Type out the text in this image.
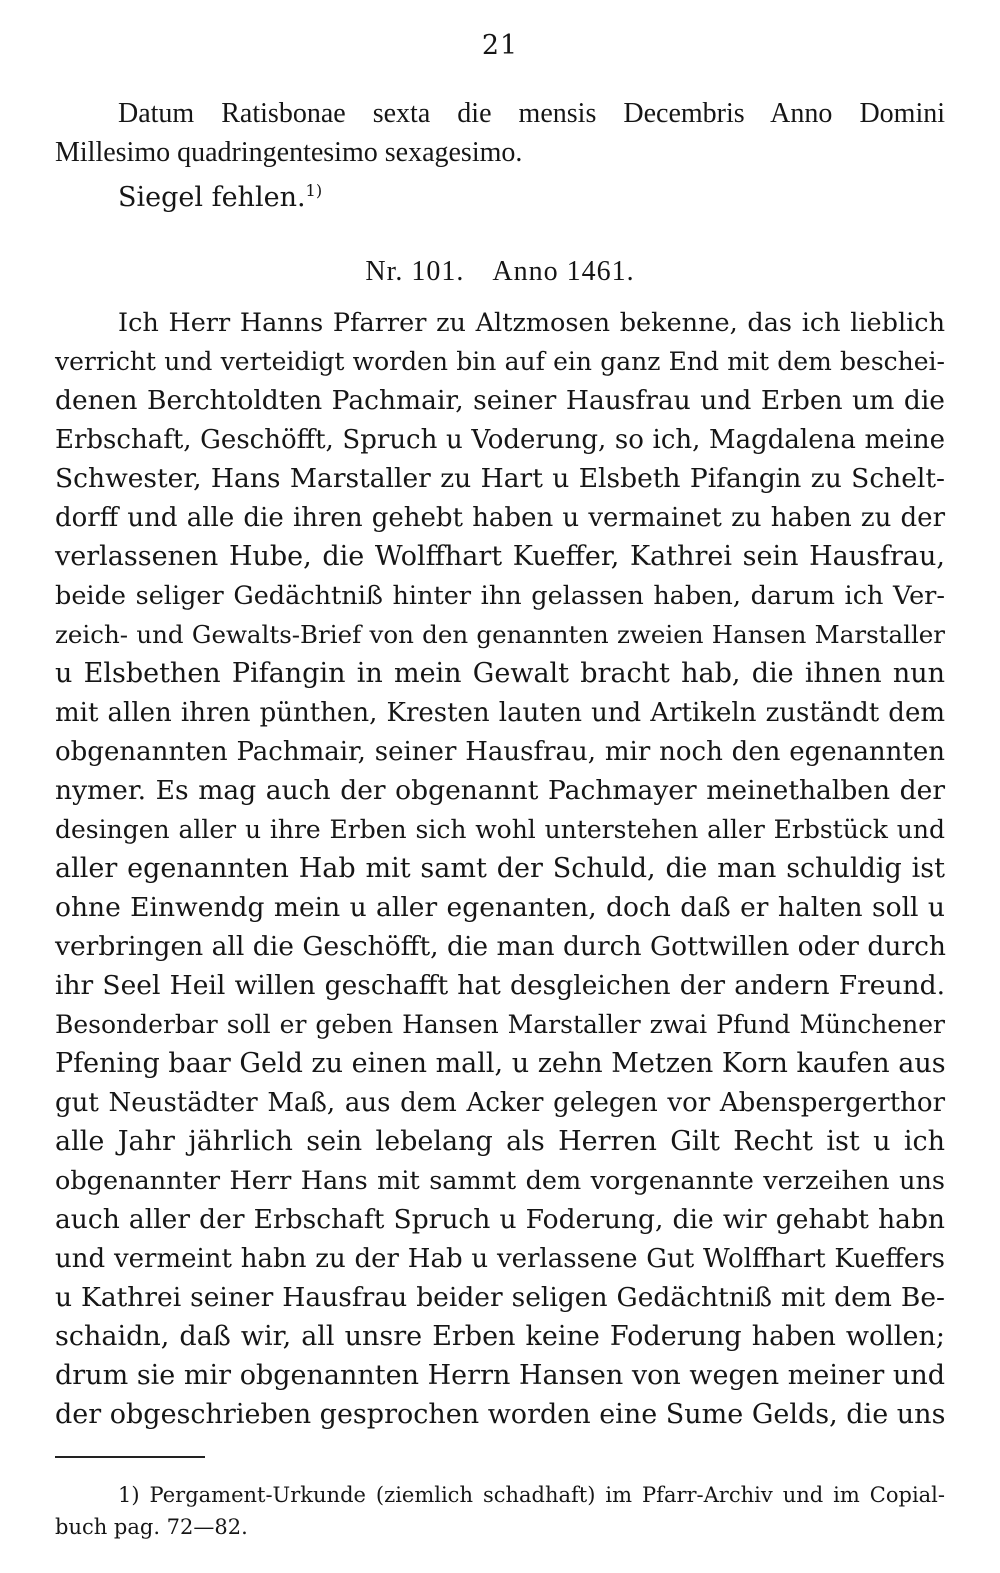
21
Datum Ratisbonae sexta die mensis Decembris Anno Domini
Millesimo quadringentesimo sexagesimo.
Siegel fehlen.$^{1)}$
Nr. 101. Anno 1461.
Ich Herr Hanns Pfarrer zu Altzmosen bekenne, das ich lieblich
verricht und verteidigt worden bin auf ein ganz End mit dem beschei-
denen Berchtoldten Pachmair, seiner Hausfrau und Erben um die
Erbschaft, Geschöfft, Spruch u Voderung, so ich, Magdalena meine
Schwester, Hans Marstaller zu Hart u Elsbeth Pifangin zu Schelt-
dorff und alle die ihren gehebt haben u vermainet zu haben zu der
verlassenen Hube, die Wolffhart Kueffer, Kathrei sein Hausfrau,
beide seliger Gedächtniß hinter ihn gelassen haben, darum ich Ver-
zeich- und Gewalts-Brief von den genannten zweien Hansen Marstaller
u Elsbethen Pifangin in mein Gewalt bracht hab, die ihnen nun
mit allen ihren pünthen, Kresten lauten und Artikeln zuständt dem
obgenannten Pachmair, seiner Hausfrau, mir noch den egenannten
nymer. Es mag auch der obgenannt Pachmayer meinethalben der
desingen aller u ihre Erben sich wohl unterstehen aller Erbstück und
aller egenannten Hab mit samt der Schuld, die man schuldig ist
ohne Einwendg mein u aller egenanten, doch daß er halten soll u
verbringen all die Geschöfft, die man durch Gottwillen oder durch
ihr Seel Heil willen geschafft hat desgleichen der andern Freund.
Besonderbar soll er geben Hansen Marstaller zwai Pfund Münchener
Pfening baar Geld zu einen mall, u zehn Metzen Korn kaufen aus
gut Neustädter Maß, aus dem Acker gelegen vor Abenspergerthor
alle Jahr jährlich sein lebelang als Herren Gilt Recht ist u ich
obgenannter Herr Hans mit sammt dem vorgenannte verzeihen uns
auch aller der Erbschaft Spruch u Foderung, die wir gehabt habn
und vermeint habn zu der Hab u verlassene Gut Wolffhart Kueffers
u Kathrei seiner Hausfrau beider seligen Gedächtniß mit dem Be-
schaidn, daß wir, all unsre Erben keine Foderung haben wollen;
drum sie mir obgenannten Herrn Hansen von wegen meiner und
der obgeschrieben gesprochen worden eine Sume Gelds, die uns
1) Pergament-Urkunde (ziemlich schadhaft) im Pfarr-Archiv und im Copial-
buch pag. 72—82.
